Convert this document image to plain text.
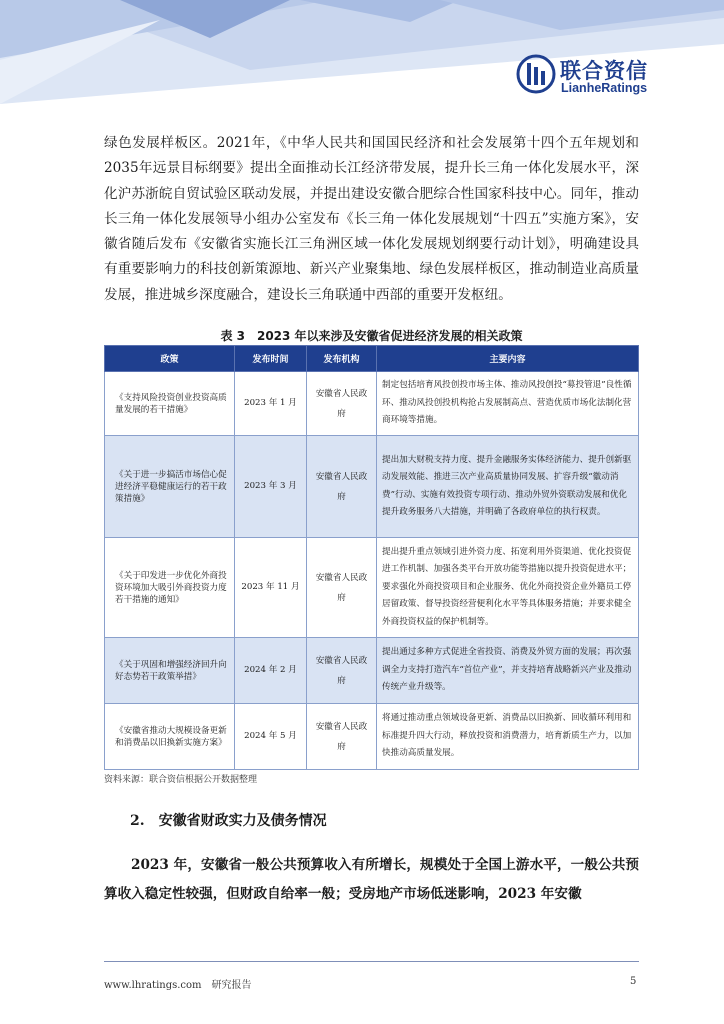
联合资信
LianheRatings

绿色发展样板区。2021年，《中华人民共和国国民经济和社会发展第十四个五年规划和2035年远景目标纲要》提出全面推动长江经济带发展，提升长三角一体化发展水平，深化沪苏浙皖自贸试验区联动发展，并提出建设安徽合肥综合性国家科技中心。同年，推动长三角一体化发展领导小组办公室发布《长三角一体化发展规划“十四五”实施方案》，安徽省随后发布《安徽省实施长江三角洲区域一体化发展规划纲要行动计划》，明确建设具有重要影响力的科技创新策源地、新兴产业聚集地、绿色发展样板区，推动制造业高质量发展，推进城乡深度融合，建设长三角联通中西部的重要开发枢纽。

表 3　2023 年以来涉及安徽省促进经济发展的相关政策
政策	发布时间	发布机构	主要内容
《支持风险投资创业投资高质量发展的若干措施》	2023 年 1 月	安徽省人民政府	制定包括培育风投创投市场主体、推动风投创投“募投管退”良性循环、推动风投创投机构抢占发展制高点、营造优质市场化法制化营商环境等措施。
《关于进一步搞活市场信心促进经济平稳健康运行的若干政策措施》	2023 年 3 月	安徽省人民政府	提出加大财税支持力度、提升金融服务实体经济能力、提升创新驱动发展效能、推进三次产业高质量协同发展、扩容升级“徽动消费”行动、实施有效投资专项行动、推动外贸外资联动发展和优化提升政务服务八大措施，并明确了各政府单位的执行权责。
《关于印发进一步优化外商投资环境加大吸引外商投资力度若干措施的通知》	2023 年 11 月	安徽省人民政府	提出提升重点领域引进外资力度、拓宽利用外资渠道、优化投资促进工作机制、加强各类平台开放功能等措施以提升投资促进水平；要求强化外商投资项目和企业服务、优化外商投资企业外籍员工停居留政策、督导投资经营便利化水平等具体服务措施；并要求健全外商投资权益的保护机制等。
《关于巩固和增强经济回升向好态势若干政策举措》	2024 年 2 月	安徽省人民政府	提出通过多种方式促进全省投资、消费及外贸方面的发展；再次强调全力支持打造汽车“首位产业”，并支持培育战略新兴产业及推动传统产业升级等。
《安徽省推动大规模设备更新和消费品以旧换新实施方案》	2024 年 5 月	安徽省人民政府	将通过推动重点领域设备更新、消费品以旧换新、回收循环利用和标准提升四大行动，释放投资和消费潜力，培育新质生产力，以加快推动高质量发展。
资料来源：联合资信根据公开数据整理
2.　安徽省财政实力及债务情况

2023 年，安徽省一般公共预算收入有所增长，规模处于全国上游水平，一般公共预算收入稳定性较强，但财政自给率一般；受房地产市场低迷影响，2023 年安徽

www.lhratings.com　研究报告	5
